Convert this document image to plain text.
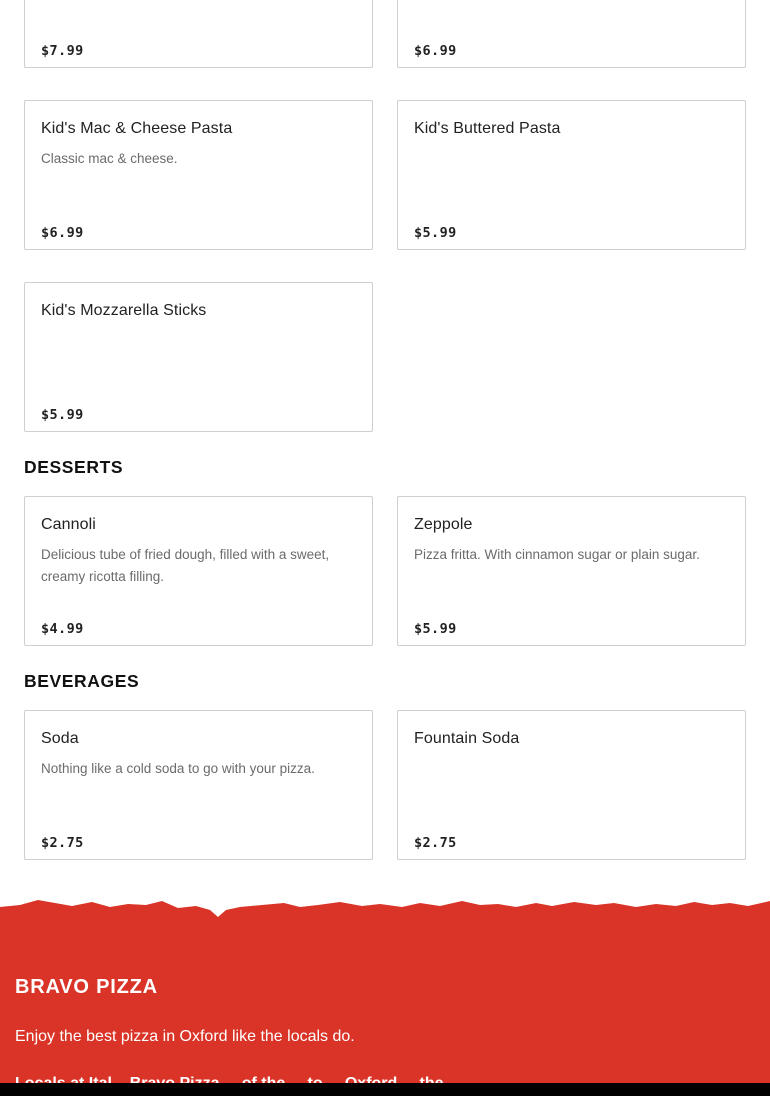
$7.99	$6.99
Kid's Mac & Cheese Pasta
Classic mac & cheese.
$6.99
Kid's Buttered Pasta
$5.99
Kid's Mozzarella Sticks
$5.99
DESSERTS
Cannoli
Delicious tube of fried dough, filled with a sweet, creamy ricotta filling.
$4.99
Zeppole
Pizza fritta. With cinnamon sugar or plain sugar.
$5.99
BEVERAGES
Soda
Nothing like a cold soda to go with your pizza.
$2.75
Fountain Soda
$2.75
BRAVO PIZZA
Enjoy the best pizza in Oxford like the locals do.
